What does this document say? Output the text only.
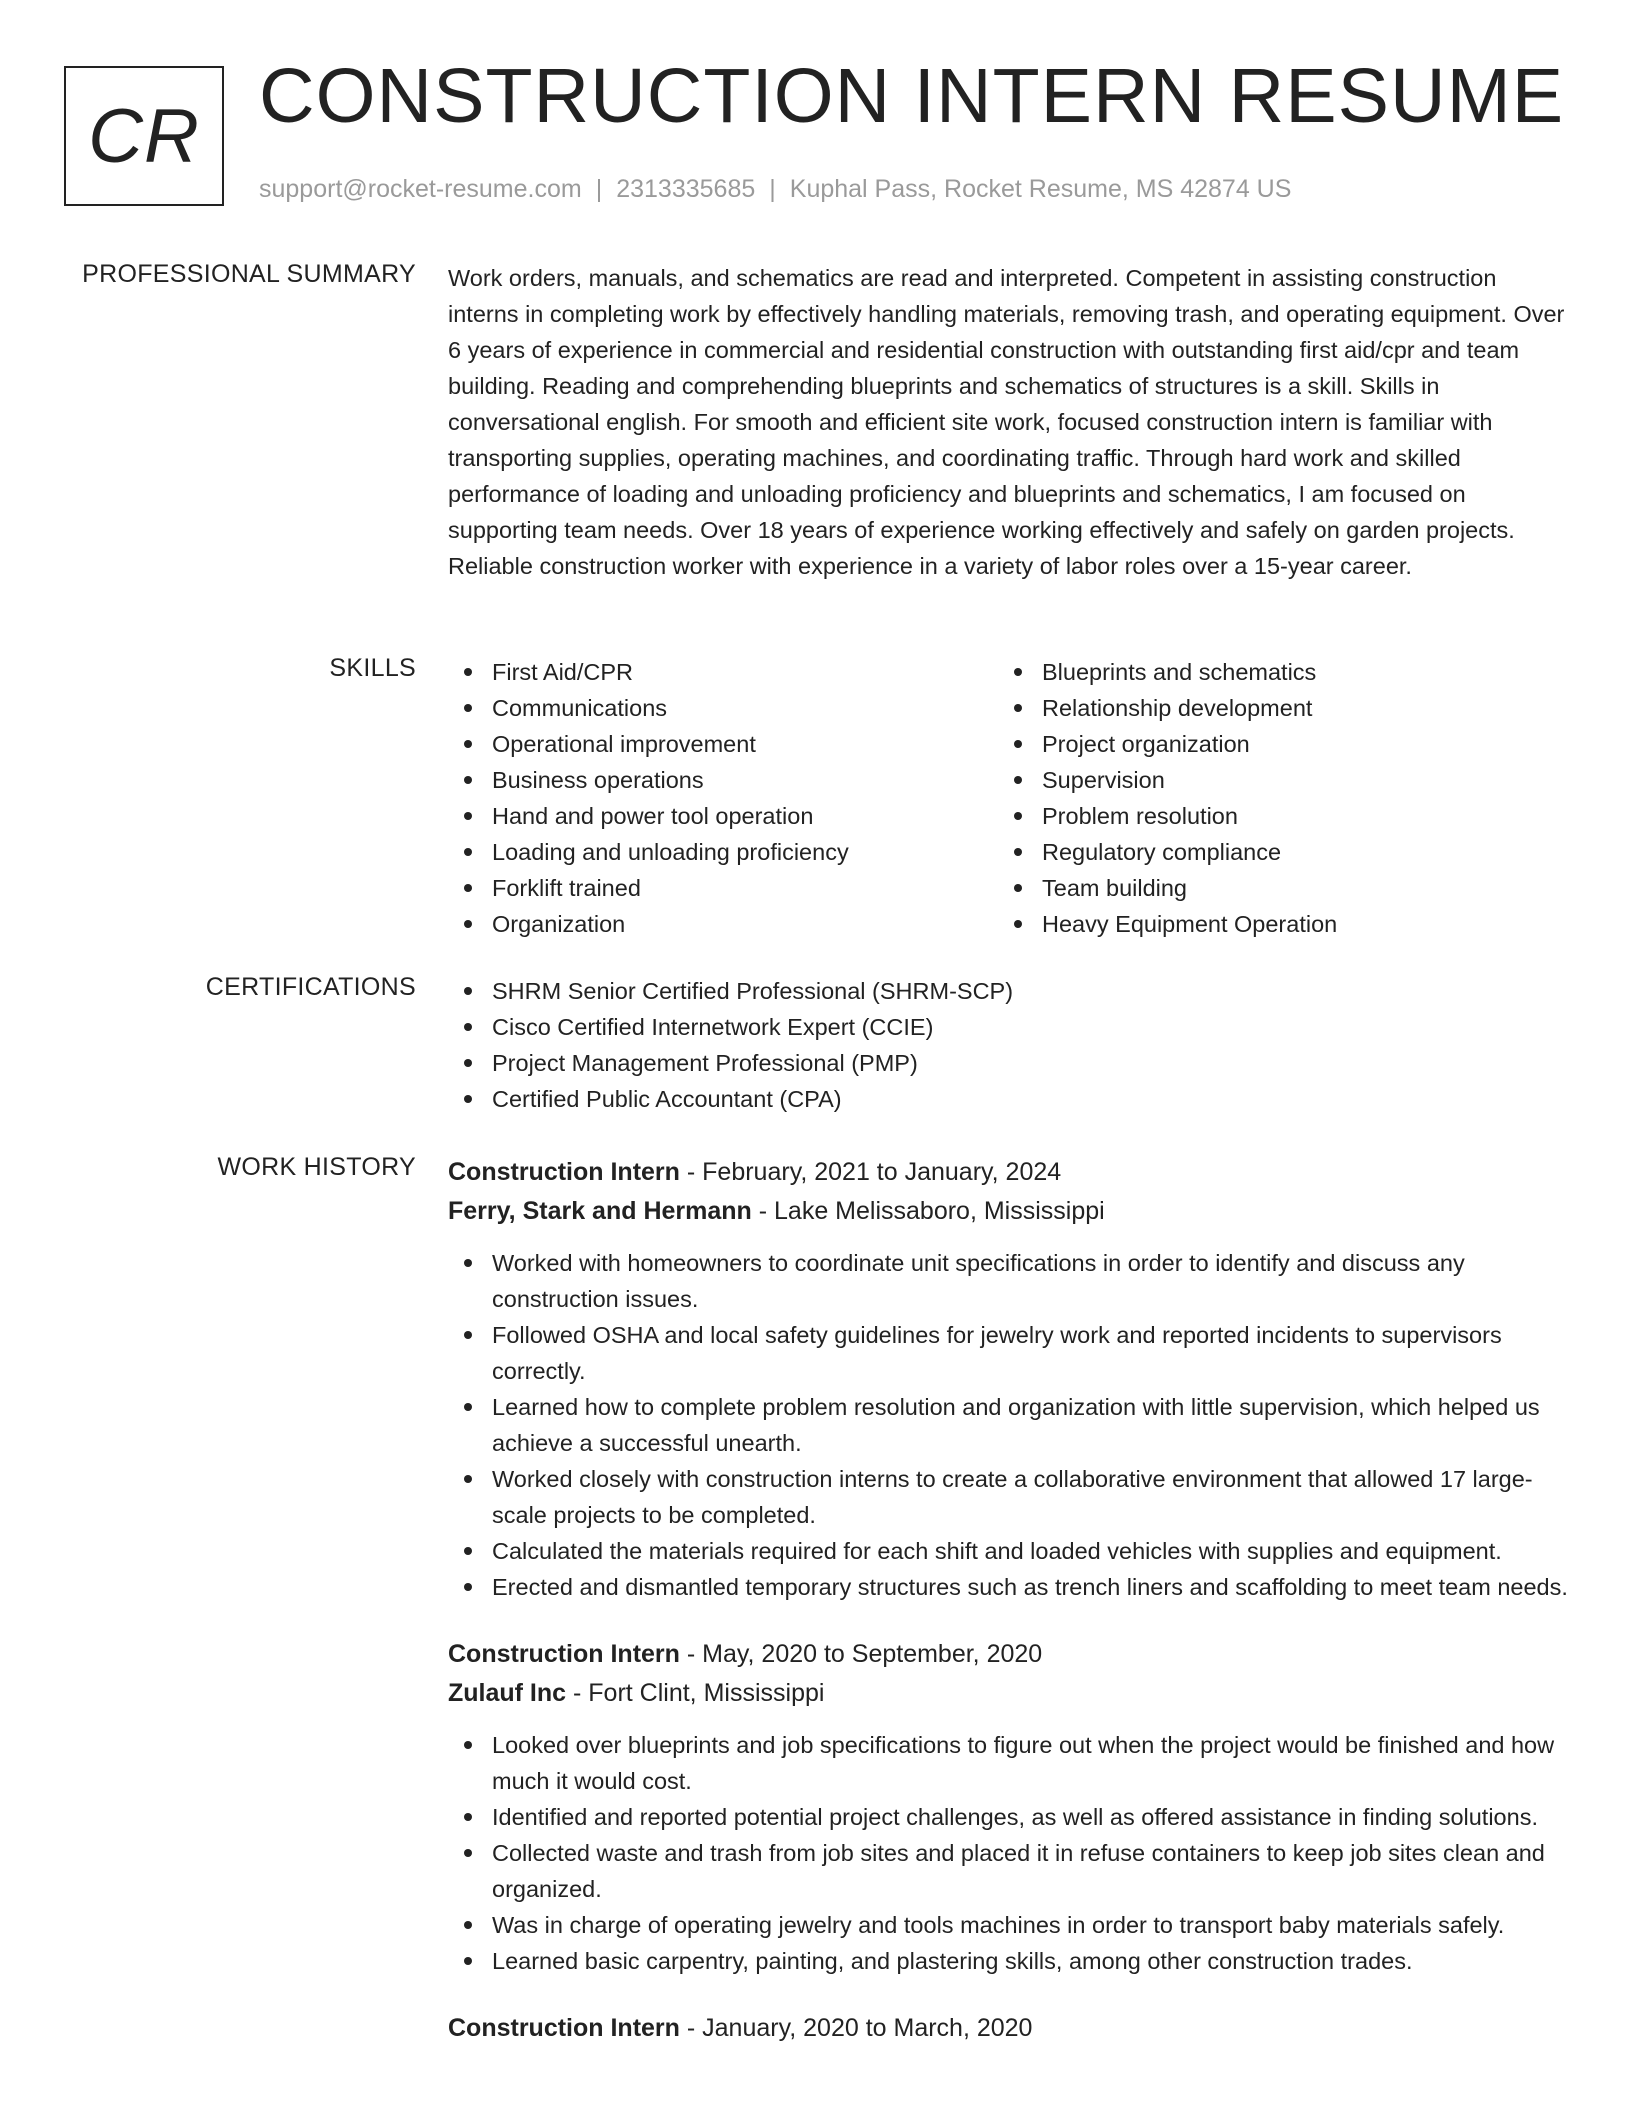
CR CONSTRUCTION INTERN RESUME
support@rocket-resume.com | 2313335685 | Kuphal Pass, Rocket Resume, MS 42874 US
PROFESSIONAL SUMMARY Work orders, manuals, and schematics are read and interpreted. Competent in assisting construction interns in completing work by effectively handling materials, removing trash, and operating equipment. Over 6 years of experience in commercial and residential construction with outstanding first aid/cpr and team building. Reading and comprehending blueprints and schematics of structures is a skill. Skills in conversational english. For smooth and efficient site work, focused construction intern is familiar with transporting supplies, operating machines, and coordinating traffic. Through hard work and skilled performance of loading and unloading proficiency and blueprints and schematics, I am focused on supporting team needs. Over 18 years of experience working effectively and safely on garden projects. Reliable construction worker with experience in a variety of labor roles over a 15-year career.

SKILLS	First Aid/CPR
Communications
Operational improvement
Business operations
Hand and power tool operation
Loading and unloading proficiency
Forklift trained
Organization
Blueprints and schematics
Relationship development
Project organization
Supervision
Problem resolution
Regulatory compliance
Team building
Heavy Equipment Operation
CERTIFICATIONS	SHRM Senior Certified Professional (SHRM-SCP)
Cisco Certified Internetwork Expert (CCIE)
Project Management Professional (PMP)
Certified Public Accountant (CPA)
WORK HISTORY Construction Intern - February, 2021 to January, 2024
Ferry, Stark and Hermann - Lake Melissaboro, Mississippi
Worked with homeowners to coordinate unit specifications in order to identify and discuss any construction issues.
Followed OSHA and local safety guidelines for jewelry work and reported incidents to supervisors correctly.
Learned how to complete problem resolution and organization with little supervision, which helped us achieve a successful unearth.
Worked closely with construction interns to create a collaborative environment that allowed 17 large-scale projects to be completed.
Calculated the materials required for each shift and loaded vehicles with supplies and equipment.
Erected and dismantled temporary structures such as trench liners and scaffolding to meet team needs.
Construction Intern - May, 2020 to September, 2020
Zulauf Inc - Fort Clint, Mississippi
Looked over blueprints and job specifications to figure out when the project would be finished and how much it would cost.
Identified and reported potential project challenges, as well as offered assistance in finding solutions.
Collected waste and trash from job sites and placed it in refuse containers to keep job sites clean and organized.
Was in charge of operating jewelry and tools machines in order to transport baby materials safely.
Learned basic carpentry, painting, and plastering skills, among other construction trades.
Construction Intern - January, 2020 to March, 2020
